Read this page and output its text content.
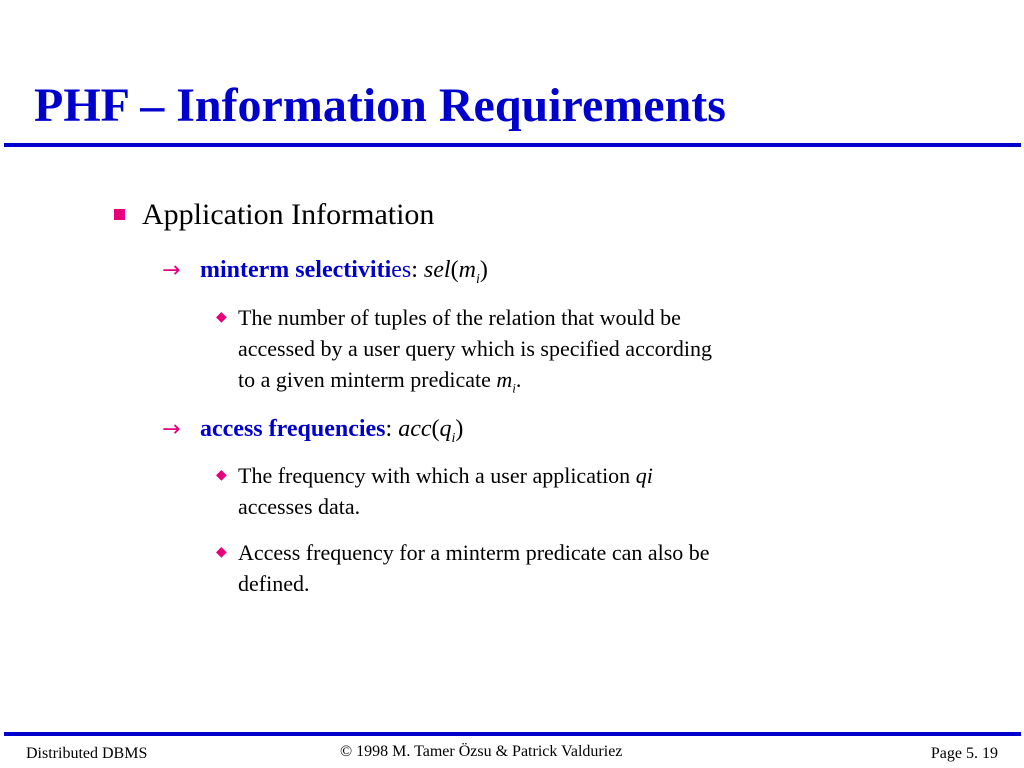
PHF – Information Requirements
Application Information
→ minterm selectivities: $sel(m_i)$
◆ The number of tuples of the relation that would be
accessed by a user query which is specified according
to a given minterm predicate $m_i$.
→ access frequencies: $acc(q_i)$
◆ The frequency with which a user application qi
accesses data.
◆ Access frequency for a minterm predicate can also be
defined.
Distributed DBMS	© 1998 M. Tamer Özsu & Patrick Valduriez	Page 5. 19
